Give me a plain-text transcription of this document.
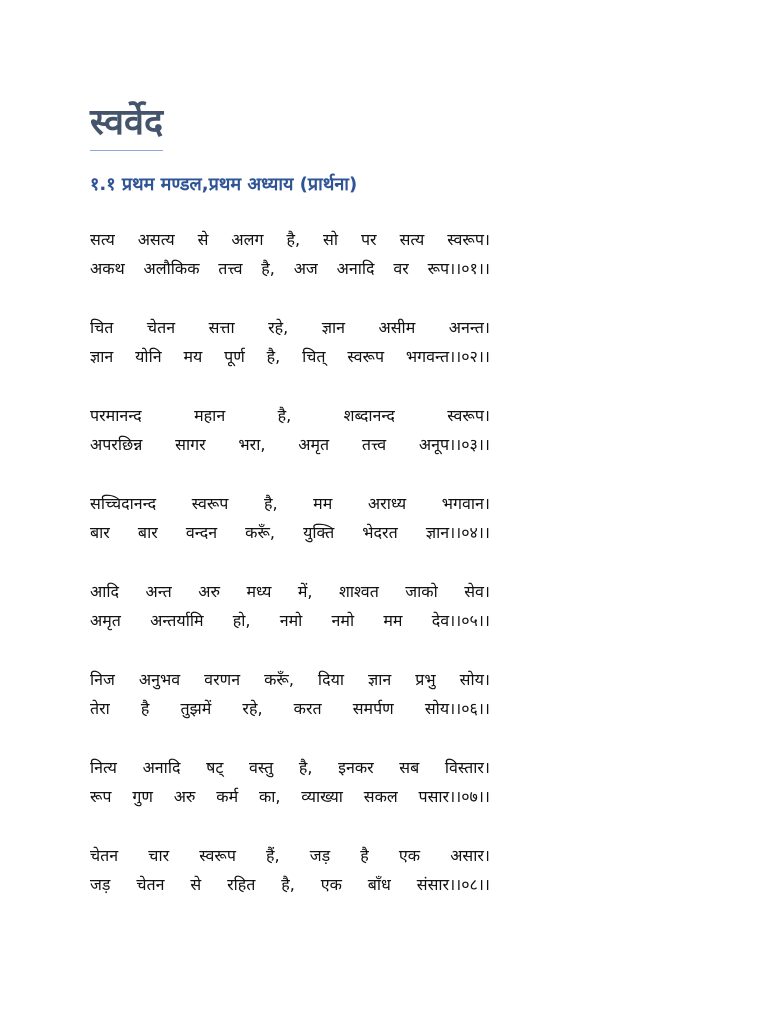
स्वर्वेद
१.१ प्रथम मण्डल,प्रथम अध्याय (प्रार्थना)
सत्य असत्य से अलग है, सो पर सत्य स्वरूप।
अकथ अलौकिक तत्त्व है, अज अनादि वर रूप।।०१।।
चित चेतन सत्ता रहे, ज्ञान असीम अनन्त।
ज्ञान योनि मय पूर्ण है, चित् स्वरूप भगवन्त।।०२।।
परमानन्द महान है, शब्दानन्द स्वरूप।
अपरछिन्न सागर भरा, अमृत तत्त्व अनूप।।०३।।
सच्चिदानन्द स्वरूप है, मम अराध्य भगवान।
बार बार वन्दन करूँ, युक्ति भेदरत ज्ञान।।०४।।
आदि अन्त अरु मध्य में, शाश्वत जाको सेव।
अमृत अन्तर्यामि हो, नमो नमो मम देव।।०५।।
निज अनुभव वरणन करूँ, दिया ज्ञान प्रभु सोय।
तेरा है तुझमें रहे, करत समर्पण सोय।।०६।।
नित्य अनादि षट् वस्तु है, इनकर सब विस्तार।
रूप गुण अरु कर्म का, व्याख्या सकल पसार।।०७।।
चेतन चार स्वरूप हैं, जड़ है एक असार।
जड़ चेतन से रहित है, एक बाँध संसार।।०८।।
